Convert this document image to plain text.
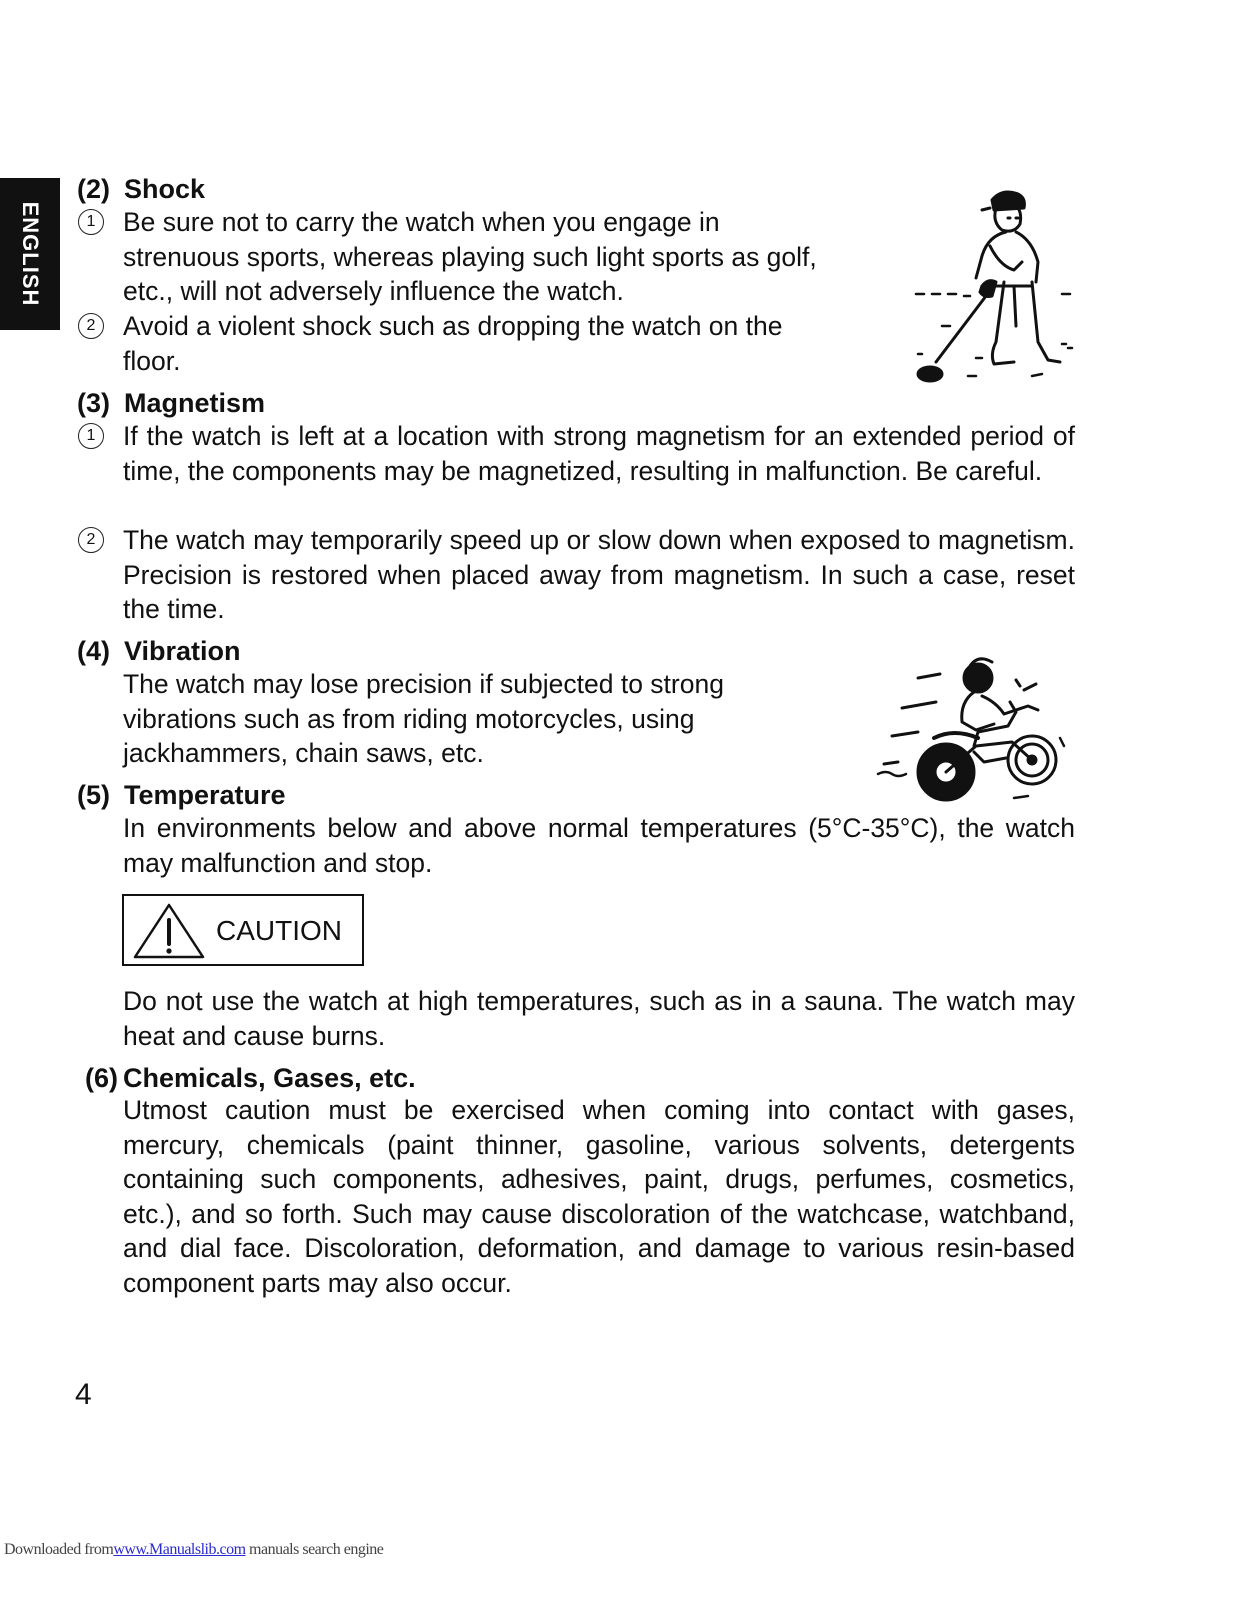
ENGLISH
(2) Shock
1	Be sure not to carry the watch when you engage in
strenuous sports, whereas playing such light sports as golf,
etc., will not adversely influence the watch.
2	Avoid a violent shock such as dropping the watch on the
floor.
(3) Magnetism
1	If the watch is left at a location with strong magnetism for an extended period of time, the components may be magnetized, resulting in malfunction. Be careful.

2	The watch may temporarily speed up or slow down when exposed to magnetism. Precision is restored when placed away from magnetism. In such a case, reset the time.

(4) Vibration
The watch may lose precision if subjected to strong
vibrations such as from riding motorcycles, using
jackhammers, chain saws, etc.
(5) Temperature

In environments below and above normal temperatures (5°C-35°C), the watch may malfunction and stop.

CAUTION

Do not use the watch at high temperatures, such as in a sauna. The watch may heat and cause burns.

(6) Chemicals, Gases, etc.

Utmost caution must be exercised when coming into contact with gases, mercury, chemicals (paint thinner, gasoline, various solvents, detergents containing such components, adhesives, paint, drugs, perfumes, cosmetics, etc.), and so forth. Such may cause discoloration of the watchcase, watchband, and dial face. Discoloration, deformation, and damage to various resin-based component parts may also occur.

4
Downloaded fromwww.Manualslib.com manuals search engine
